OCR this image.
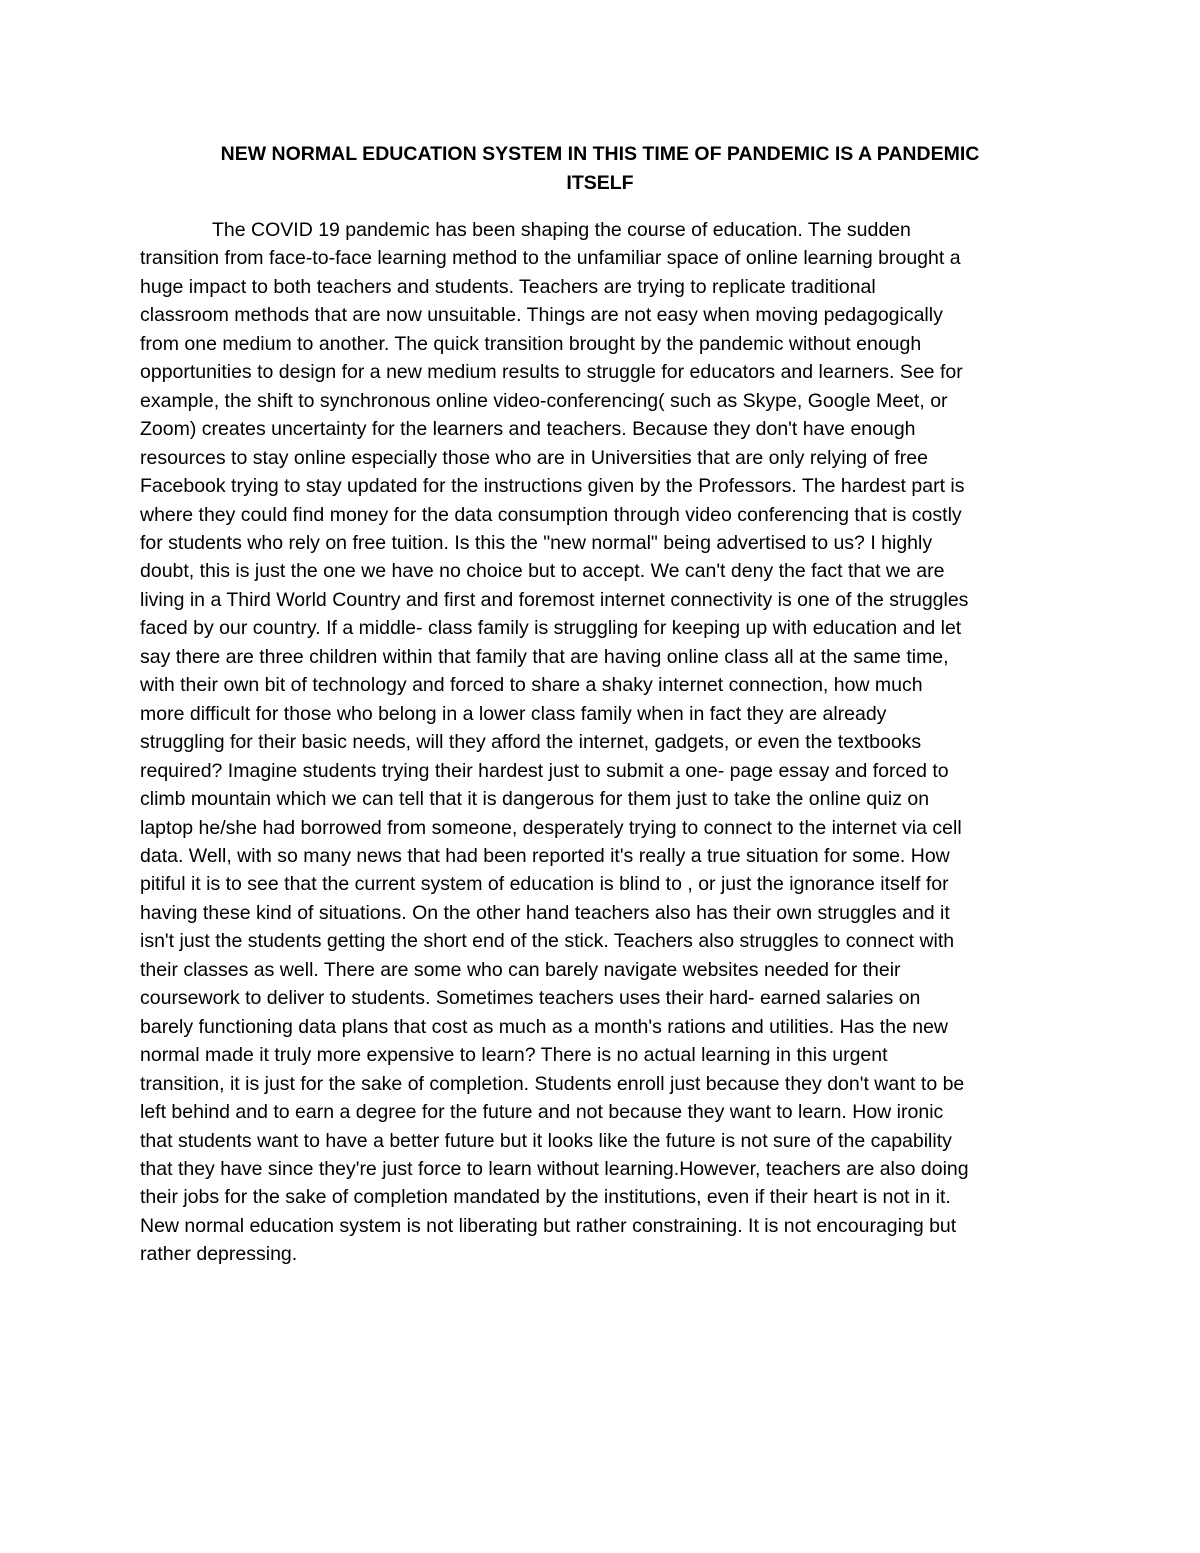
NEW NORMAL EDUCATION SYSTEM IN THIS TIME OF PANDEMIC IS A PANDEMIC
ITSELF
The COVID 19 pandemic has been shaping the course of education. The sudden
transition from face-to-face learning method to the unfamiliar space of online learning brought a
huge impact to both teachers and students. Teachers are trying to replicate traditional
classroom methods that are now unsuitable. Things are not easy when moving pedagogically
from one medium to another. The quick transition brought by the pandemic without enough
opportunities to design for a new medium results to struggle for educators and learners. See for
example, the shift to synchronous online video-conferencing( such as Skype, Google Meet, or
Zoom) creates uncertainty for the learners and teachers. Because they don't have enough
resources to stay online especially those who are in Universities that are only relying of free
Facebook trying to stay updated for the instructions given by the Professors. The hardest part is
where they could find money for the data consumption through video conferencing that is costly
for students who rely on free tuition. Is this the "new normal" being advertised to us? I highly
doubt, this is just the one we have no choice but to accept. We can't deny the fact that we are
living in a Third World Country and first and foremost internet connectivity is one of the struggles
faced by our country. If a middle- class family is struggling for keeping up with education and let
say there are three children within that family that are having online class all at the same time,
with their own bit of technology and forced to share a shaky internet connection, how much
more difficult for those who belong in a lower class family when in fact they are already
struggling for their basic needs, will they afford the internet, gadgets, or even the textbooks
required? Imagine students trying their hardest just to submit a one- page essay and forced to
climb mountain which we can tell that it is dangerous for them just to take the online quiz on
laptop he/she had borrowed from someone, desperately trying to connect to the internet via cell
data. Well, with so many news that had been reported it's really a true situation for some. How
pitiful it is to see that the current system of education is blind to , or just the ignorance itself for
having these kind of situations. On the other hand teachers also has their own struggles and it
isn't just the students getting the short end of the stick. Teachers also struggles to connect with
their classes as well. There are some who can barely navigate websites needed for their
coursework to deliver to students. Sometimes teachers uses their hard- earned salaries on
barely functioning data plans that cost as much as a month's rations and utilities. Has the new
normal made it truly more expensive to learn? There is no actual learning in this urgent
transition, it is just for the sake of completion. Students enroll just because they don't want to be
left behind and to earn a degree for the future and not because they want to learn. How ironic
that students want to have a better future but it looks like the future is not sure of the capability
that they have since they're just force to learn without learning.However, teachers are also doing
their jobs for the sake of completion mandated by the institutions, even if their heart is not in it.
New normal education system is not liberating but rather constraining. It is not encouraging but
rather depressing.
